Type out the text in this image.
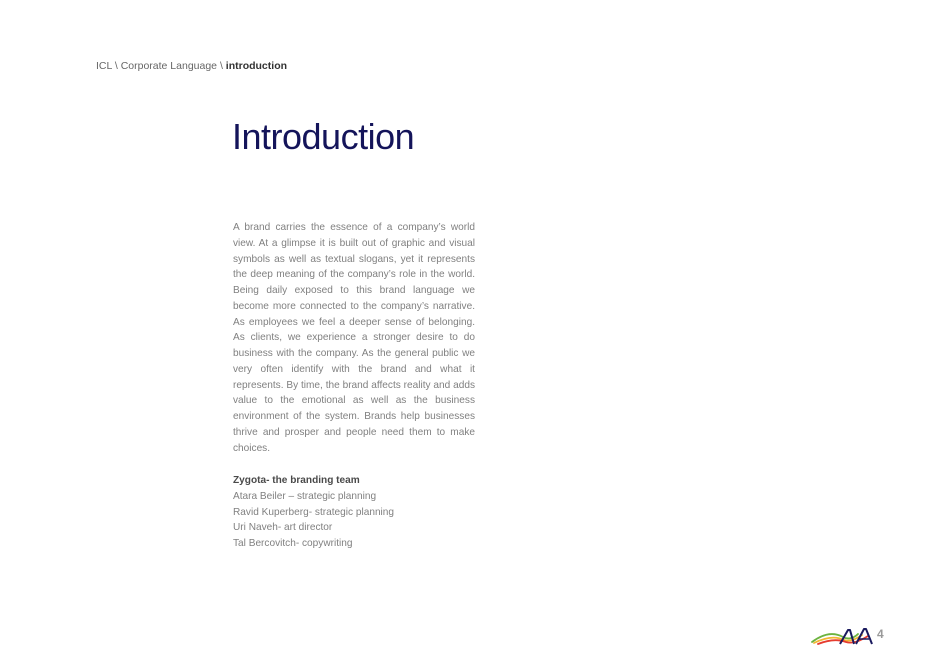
ICL \ Corporate Language \ introduction
Introduction

A brand carries the essence of a company’s world view. At a glimpse it is built out of graphic and visual symbols as well as textual slogans, yet it represents the deep meaning of the company’s role in the world. Being daily exposed to this brand language we become more connected to the company’s narrative. As employees we feel a deeper sense of belonging. As clients, we experience a stronger desire to do business with the company. As the general public we very often identify with the brand and what it represents. By time, the brand affects reality and adds value to the emotional as well as the business environment of the system. Brands help businesses thrive and prosper and people need them to make choices.

Zygota- the branding team
Atara Beiler – strategic planning
Ravid Kuperberg- strategic planning
Uri Naveh- art director
Tal Bercovitch- copywriting
4
